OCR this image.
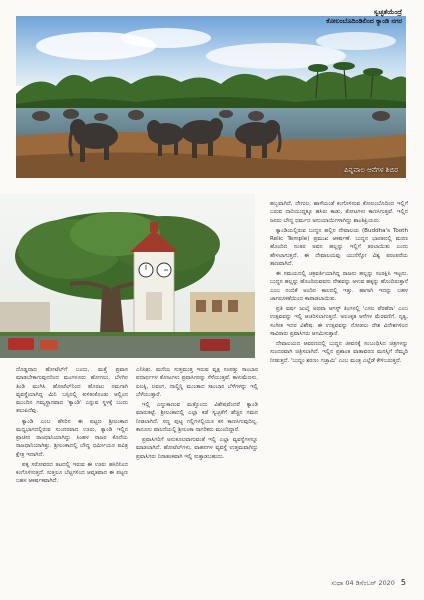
ಪಿನ್ನವಾಲ ಆನೆಗಳ ಶಿಬಿರ
ಸ್ವಚ್ಛತೆಯೆಂದ್ರೆ
ಕೋಲಂಬೊದಿಂಡಿಲಿಂದ ಕ್ಯಾಂಡಿ ನಗರ

ದೊಡ್ಡದಾದ ಹೋಟೆಲ್‌ಗೆ ಬಂದು, ಮತ್ತೆ ಪ್ರವಾಸ ಮಾಡಬೇಕಾಗುವುದರಿಂದ ಮಂಗಳೂರು ಹೋಗಲು, ಬೆಳಗಿನ ತಿಂಡಿ ಮುಗಿಸಿ ಹೋಟೆಲ್‌ನಿಂದ ಹೊರಟು ನಮಗಾಗಿ ವ್ಯವಸ್ಥೆಯಾಗಿದ್ದ ಮಿನಿ ಬಸ್ಸಿನಲ್ಲಿ ಕುಳಿತುಕೊಂಡು ಆಲ್ಲಿಂದ ಮುಂದಿನ ಗಮ್ಯಸ್ಥಾನವಾದ 'ಕ್ಯಾಂಡಿ' ಎನ್ನುವ ಸ್ಥಳಕ್ಕೆ ಬಂದು ತಲುಪಿದೆವು.

ಕ್ಯಾಂಡಿ ಎಂಬ ಹೆಸರಿನ ಈ ಪಟ್ಟಣ ಶ್ರೀಲಂಕಾದ ಮಧ್ಯಭಾಗದಲ್ಲಿರುವ ಸುಂದರವಾದ ಊರು, ಕ್ಯಾಂಡಿ ಇಲ್ಲಿನ ಪ್ರಾಚೀನ ರಾಜಧಾನಿಯಾಗಿದ್ದು ಸಿಂಹಳ ರಾಜರ ಕೊನೆಯ ರಾಜಧಾನಿಯಾಗಿತ್ತು. ಶ್ರೀಲಂಕಾದಲ್ಲಿ ಬೌದ್ಧ ಧರ್ಮೀಯರ ಪವಿತ್ರ ಕ್ಷೇತ್ರ ಇದಾಗಿದೆ.

ಪಕ್ಕ ಸರೋವರದ ತಟದಲ್ಲಿ ಇರುವ ಈ ಊರು ಹಸಿರಿನಿಂದ ಕಂಗೊಳಿಸುತ್ತದೆ. ಸುತ್ತಲೂ ಬೆಟ್ಟಗಳಿಂದ ಆವೃತವಾದ ಈ ಪಟ್ಟಣ ಬಹಳ ಆಕರ್ಷಕವಾಗಿದೆ.

ಎನಿಸಿತು. ಮನೆಯ ಸುತ್ತಮುತ್ತ ಇರುವ ವೃಕ್ಷ ಸಂಪತ್ತು ಸಾಂಬಾರ ಪದಾರ್ಥಗಳ ತೋಟಗಳು ಪ್ರವಾಸಿಗರನ್ನು ಸೆಳೆಯುತ್ತವೆ. ಕಾಳುಮೆಣಸು, ಏಲಕ್ಕಿ, ಲವಂಗ, ದಾಲ್ಚಿನ್ನಿ ಮುಂತಾದ ಸಾಂಬಾರ ಬೆಳೆಗಳನ್ನು ಇಲ್ಲಿ ಬೆಳೆಯುತ್ತಾರೆ.

ಇಲ್ಲಿ ಎದ್ದುಕಾಣುವ ಮತ್ತೊಂದು ವಿಶೇಷವೆಂದರೆ ಕ್ಯಾಂಡಿ ಮಾರುಕಟ್ಟೆ. ಶ್ರೀಲಂಕಾದಲ್ಲಿ ಎಲ್ಲಾ ಕಡೆ ಸ್ವಚ್ಛತೆಗೆ ಹೆಚ್ಚಿನ ಗಮನ ನೀಡಲಾಗಿದೆ. ಸಣ್ಣ ಪುಟ್ಟ ಗಲ್ಲಿಗಳಲ್ಲಿಯೂ ಕಸ ಕಾಣಸಿಗುವುದಿಲ್ಲ. ಕಾನೂನು ಪಾಲನೆಯಲ್ಲಿ ಶ್ರೀಲಂಕಾ ನಾಗರಿಕರು ಮುಂದಿದ್ದಾರೆ.

ಪ್ರವಾಸಿಗರಿಗೆ ಅನುಕೂಲವಾಗುವಂತೆ ಇಲ್ಲಿ ಎಲ್ಲಾ ವ್ಯವಸ್ಥೆಗಳನ್ನೂ ಮಾಡಲಾಗಿದೆ. ಹೋಟೆಲ್‌ಗಳು, ವಾಹನಗಳ ವ್ಯವಸ್ಥೆ ಉತ್ತಮವಾಗಿದ್ದು ಪ್ರವಾಸಿಗರು ನಿರಾತಂಕವಾಗಿ ಇಲ್ಲಿ ಸುತ್ತಾಡಬಹುದು.

ಹಬ್ಬವಾಗಿದೆ, ದೇಗುಲ, ಹಾಳೆಯಂತೆ ಕಂಗೊಳಿಸುವ ಕೋಲಂಬೊದಿಂದ ಇಲ್ಲಿಗೆ ಬರುವ ದಾರಿಯುದ್ದಕ್ಕೂ ಹಸಿರು ಕಾಡು, ತೋಟಗಳು ಕಾಣಸಿಗುತ್ತವೆ. ಇಲ್ಲಿನ ಜನರು ಬೌದ್ಧ ಧರ್ಮದ ಅನುಯಾಯಿಗಳಾಗಿದ್ದು ಶಾಂತಿಪ್ರಿಯರು.

ಕ್ಯಾಂಡಿಯಲ್ಲಿರುವ ಬುದ್ಧನ ಹಲ್ಲಿನ ದೇವಾಲಯ (Buddha's Tooth Relic Temple) ಪ್ರಮುಖ ಆಕರ್ಷಣೆ. ಬುದ್ಧನ ಭಾರತದಲ್ಲಿ ಮರಣ ಹೊಂದಿದ ನಂತರ ಅವನ ಹಲ್ಲನ್ನು ಇಲ್ಲಿಗೆ ತರಲಾಯಿತು ಎಂದು ಹೇಳಲಾಗುತ್ತದೆ. ಈ ದೇವಾಲಯವು ಯುನೆಸ್ಕೋ ವಿಶ್ವ ಪರಂಪರೆಯ ತಾಣವಾಗಿದೆ.

ಈ ಸಮಯದಲ್ಲಿ ಚಕ್ರವರ್ತಿಯಾಗಿದ್ದ ರಾಜನು ಹಲ್ಲನ್ನು ಸಂರಕ್ಷಿಸಿ ಇಟ್ಟನು. ಬುದ್ಧನ ಹಲ್ಲನ್ನು ಹೊಂದಿರುವವನು ದೇಶವನ್ನು ಆಳುವ ಹಕ್ಕನ್ನು ಹೊಂದಿರುತ್ತಾನೆ ಎಂಬ ನಂಬಿಕೆ ಅಂದಿನ ಕಾಲದಲ್ಲಿ ಇತ್ತು. ಹಾಗಾಗಿ ಇದನ್ನು ಬಹಳ ಜಾಗರೂಕತೆಯಿಂದ ಕಾಪಾಡಲಾಯಿತು.

ಪ್ರತಿ ವರ್ಷ ಜುಲೈ ಅಥವಾ ಆಗಸ್ಟ್ ತಿಂಗಳಲ್ಲಿ 'ಎಸಲ ಪೆರಹೆರಾ' ಎಂಬ ಉತ್ಸವವನ್ನು ಇಲ್ಲಿ ಆಚರಿಸಲಾಗುತ್ತದೆ. ಅಲಂಕೃತ ಆನೆಗಳ ಮೆರವಣಿಗೆ, ನೃತ್ಯ, ಸಂಗೀತ ಇದರ ವಿಶೇಷ. ಈ ಉತ್ಸವವನ್ನು ನೋಡಲು ದೇಶ ವಿದೇಶಗಳಿಂದ ಸಾವಿರಾರು ಪ್ರವಾಸಿಗರು ಆಗಮಿಸುತ್ತಾರೆ.

ದೇವಾಲಯದ ಆವರಣದಲ್ಲಿ ಬುದ್ಧನ ಜೀವನಕ್ಕೆ ಸಂಬಂಧಿಸಿದ ಚಿತ್ರಗಳನ್ನು ಸುಂದರವಾಗಿ ಚಿತ್ರಿಸಲಾಗಿದೆ. ಇಲ್ಲಿನ ಪ್ರಶಾಂತ ವಾತಾವರಣ ಮನಸ್ಸಿಗೆ ನೆಮ್ಮದಿ ನೀಡುತ್ತದೆ. 'ಬುದ್ಧಂ ಶರಣಂ ಗಚ್ಛಾಮಿ' ಎಂಬ ಮಂತ್ರ ಎಲ್ಲೆಡೆ ಕೇಳಿಬರುತ್ತದೆ.

ಸುಧಾ 04 ಡಿಸೆಂಬರ್ 2020 5
